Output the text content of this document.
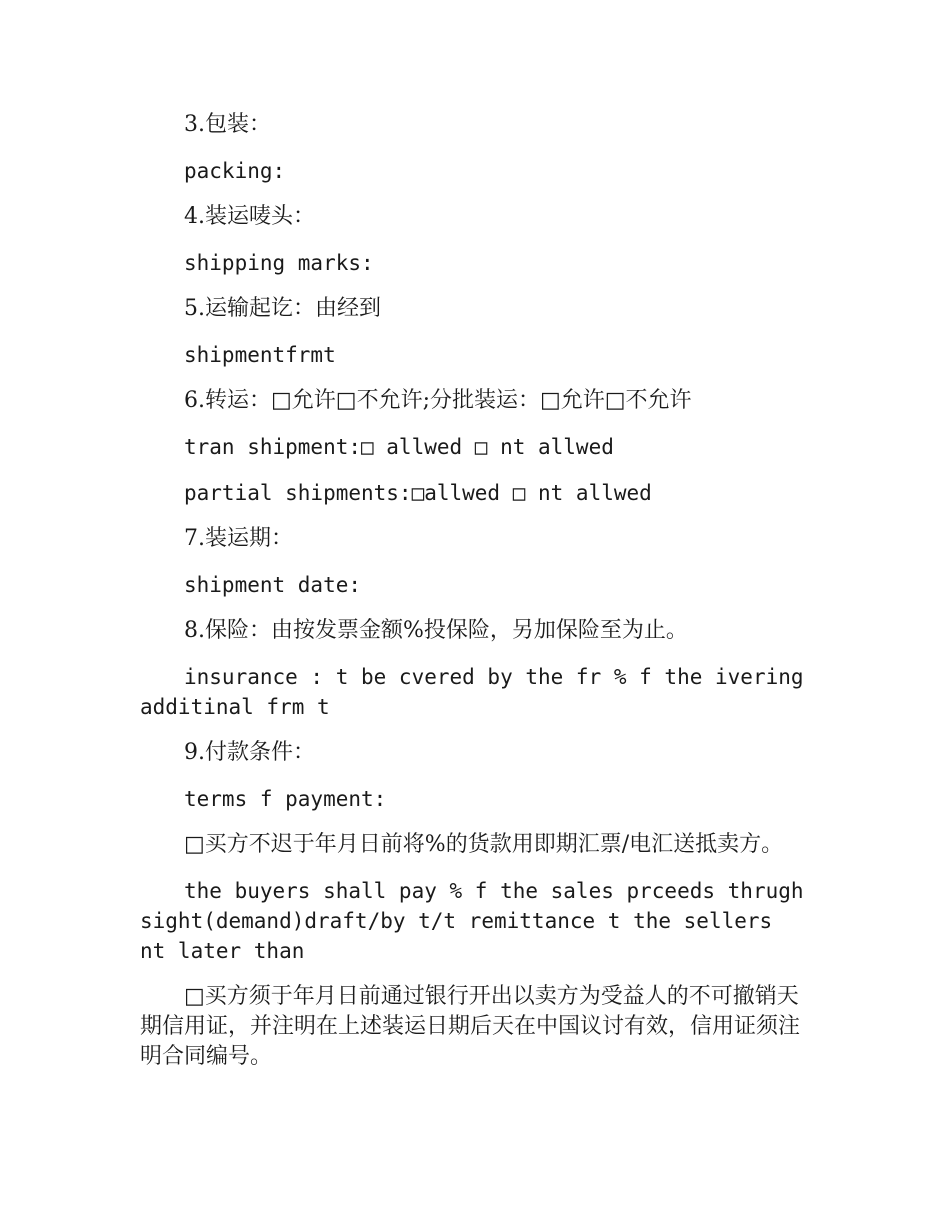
3.包装：

packing:

4.装运唛头：

shipping marks:

5.运输起讫：由经到

shipmentfrmt

6.转运：□允许□不允许;分批装运：□允许□不允许

tran shipment:□ allwed □ nt allwed

partial shipments:□allwed □ nt allwed

7.装运期：

shipment date:

8.保险：由按发票金额%投保险，另加保险至为止。

insurance : t be cvered by the fr % f the ivering additinal frm t

9.付款条件：

terms f payment:

□买方不迟于年月日前将%的货款用即期汇票/电汇送抵卖方。

the buyers shall pay % f the sales prceeds thrugh sight(demand)draft/by t/t remittance t the sellers nt later than

□买方须于年月日前通过银行开出以卖方为受益人的不可撤销天期信用证，并注明在上述装运日期后天在中国议讨有效，信用证须注明合同编号。
